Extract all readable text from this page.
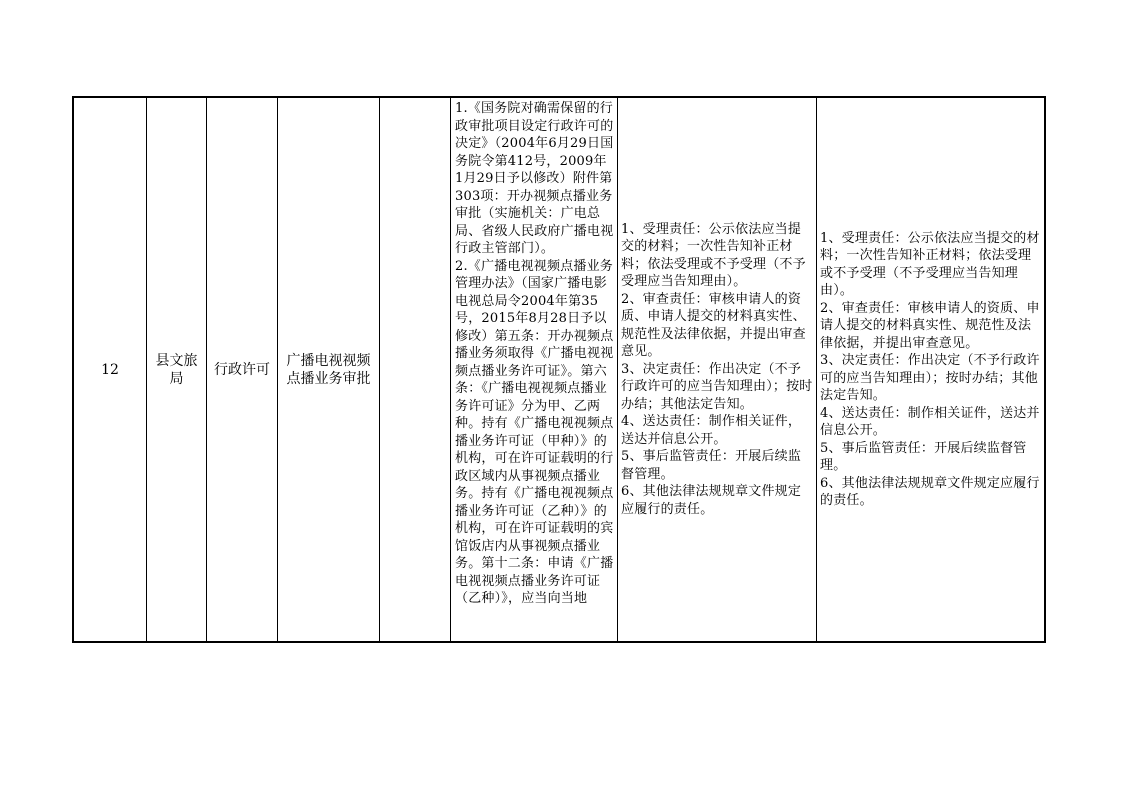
12
县文旅局
行政许可
广播电视视频点播业务审批

1.《国务院对确需保留的行政审批项目设定行政许可的决定》（2004年6月29日国务院令第412号，2009年1月29日予以修改）附件第303项：开办视频点播业务审批（实施机关：广电总局、省级人民政府广播电视行政主管部门）。

2.《广播电视视频点播业务管理办法》（国家广播电影电视总局令2004年第35号，2015年8月28日予以修改）第五条：开办视频点播业务须取得《广播电视视频点播业务许可证》。第六条：《广播电视视频点播业务许可证》分为甲、乙两种。持有《广播电视视频点播业务许可证（甲种）》的机构，可在许可证载明的行政区域内从事视频点播业务。持有《广播电视视频点播业务许可证（乙种）》的机构，可在许可证载明的宾馆饭店内从事视频点播业务。第十二条：申请《广播电视视频点播业务许可证（乙种）》，应当向当地

1、受理责任：公示依法应当提交的材料；一次性告知补正材料；依法受理或不予受理（不予受理应当告知理由）。

2、审查责任：审核申请人的资质、申请人提交的材料真实性、规范性及法律依据，并提出审查意见。

3、决定责任：作出决定（不予行政许可的应当告知理由）；按时办结；其他法定告知。

4、送达责任：制作相关证件，送达并信息公开。

5、事后监管责任：开展后续监督管理。

6、其他法律法规规章文件规定应履行的责任。

1、受理责任：公示依法应当提交的材料；一次性告知补正材料；依法受理或不予受理（不予受理应当告知理由）。

2、审查责任：审核申请人的资质、申请人提交的材料真实性、规范性及法律依据，并提出审查意见。

3、决定责任：作出决定（不予行政许可的应当告知理由）；按时办结；其他法定告知。

4、送达责任：制作相关证件，送达并信息公开。

5、事后监管责任：开展后续监督管理。

6、其他法律法规规章文件规定应履行的责任。
